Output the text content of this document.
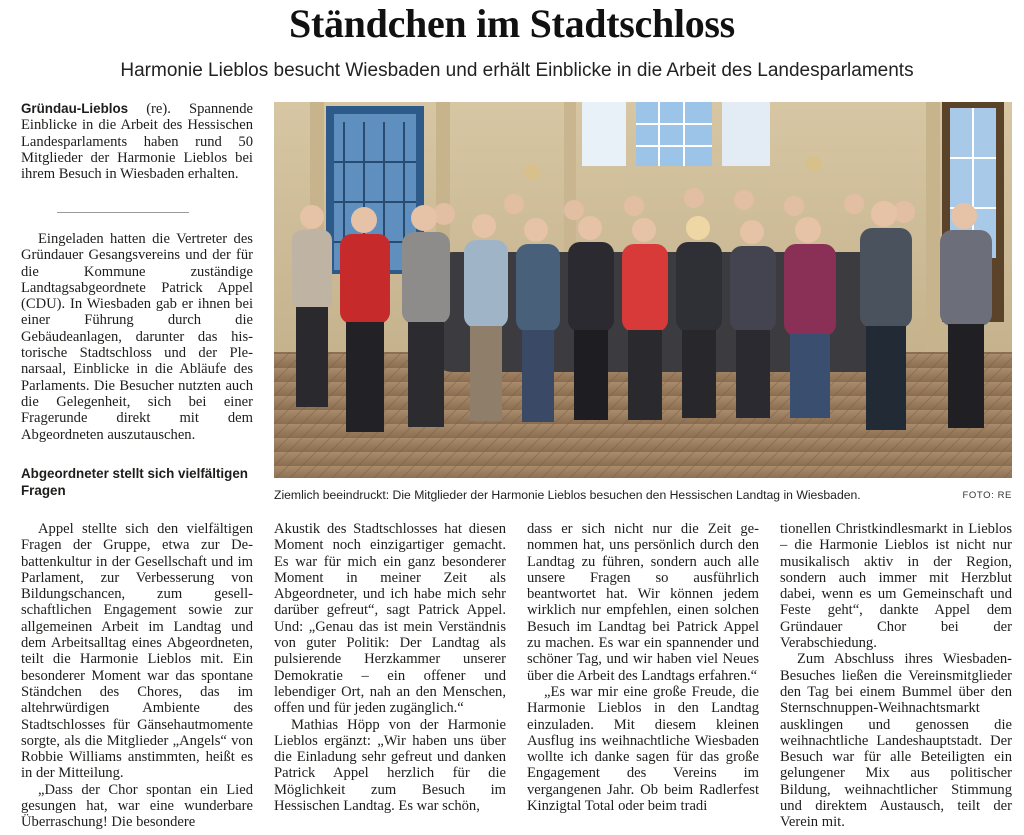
Ständchen im Stadtschloss
Harmonie Lieblos besucht Wiesbaden und erhält Einblicke in die Arbeit des Landesparlaments

Gründau-Lieblos (re). Spannende Einblicke in die Arbeit des Hessischen Landesparlaments haben rund 50 Mitglieder der Harmonie Lieblos bei ihrem Besuch in Wiesbaden erhalten.

Eingeladen hatten die Vertreter des Gründauer Gesangsvereins und der für die Kommune zuständige Landtagsabgeordnete Patrick Appel (CDU). In Wiesbaden gab er ihnen bei einer Führung durch die Gebäudeanlagen, darunter das historische Stadtschloss und der Plenarsaal, Einblicke in die Abläufe des Parlaments. Die Besucher nutzten auch die Gelegenheit, sich bei einer Fragerunde direkt mit dem Abgeordneten auszutauschen.

Abgeordneter stellt sich vielfältigen Fragen	Ziemlich beeindruckt: Die Mitglieder der Harmonie Lieblos besuchen den Hessischen Landtag in Wiesbaden.	FOTO: RE

Appel stellte sich den vielfältigen Fragen der Gruppe, etwa zur Debattenkultur in der Gesellschaft und im Parlament, zur Verbesserung von Bildungschancen, zum gesellschaftlichen Engagement sowie zur allgemeinen Arbeit im Landtag und dem Arbeitsalltag eines Abgeordneten, teilt die Harmonie Lieblos mit. Ein besonderer Moment war das spontane Ständchen des Chores, das im altehrwürdigen Ambiente des Stadtschlosses für Gänsehautmomente sorgte, als die Mitglieder „Angels“ von Robbie Williams anstimmten, heißt es in der Mitteilung.

„Dass der Chor spontan ein Lied gesungen hat, war eine wunderbare Überraschung! Die besondere

Akustik des Stadtschlosses hat diesen Moment noch einzigartiger gemacht. Es war für mich ein ganz besonderer Moment in meiner Zeit als Abgeordneter, und ich habe mich sehr darüber gefreut“, sagt Patrick Appel. Und: „Genau das ist mein Verständnis von guter Politik: Der Landtag als pulsierende Herzkammer unserer Demokratie – ein offener und lebendiger Ort, nah an den Menschen, offen und für jeden zugänglich.“

Mathias Höpp von der Harmonie Lieblos ergänzt: „Wir haben uns über die Einladung sehr gefreut und danken Patrick Appel herzlich für die Möglichkeit zum Besuch im Hessischen Landtag. Es war schön,

dass er sich nicht nur die Zeit genommen hat, uns persönlich durch den Landtag zu führen, sondern auch alle unsere Fragen so ausführlich beantwortet hat. Wir können jedem wirklich nur empfehlen, einen solchen Besuch im Landtag bei Patrick Appel zu machen. Es war ein spannender und schöner Tag, und wir haben viel Neues über die Arbeit des Landtags erfahren.“

„Es war mir eine große Freude, die Harmonie Lieblos in den Landtag einzuladen. Mit diesem kleinen Ausflug ins weihnachtliche Wiesbaden wollte ich danke sagen für das große Engagement des Vereins im vergangenen Jahr. Ob beim Radlerfest Kinzigtal Total oder beim tradi

tionellen Christkindlesmarkt in Lieblos – die Harmonie Lieblos ist nicht nur musikalisch aktiv in der Region, sondern auch immer mit Herzblut dabei, wenn es um Gemeinschaft und Feste geht“, dankte Appel dem Gründauer Chor bei der Verabschiedung.

Zum Abschluss ihres Wiesbaden-Besuches ließen die Vereinsmitglieder den Tag bei einem Bummel über den Sternschnuppen-Weihnachtsmarkt ausklingen und genossen die weihnachtliche Landeshauptstadt. Der Besuch war für alle Beteiligten ein gelungener Mix aus politischer Bildung, weihnachtlicher Stimmung und direktem Austausch, teilt der Verein mit.
